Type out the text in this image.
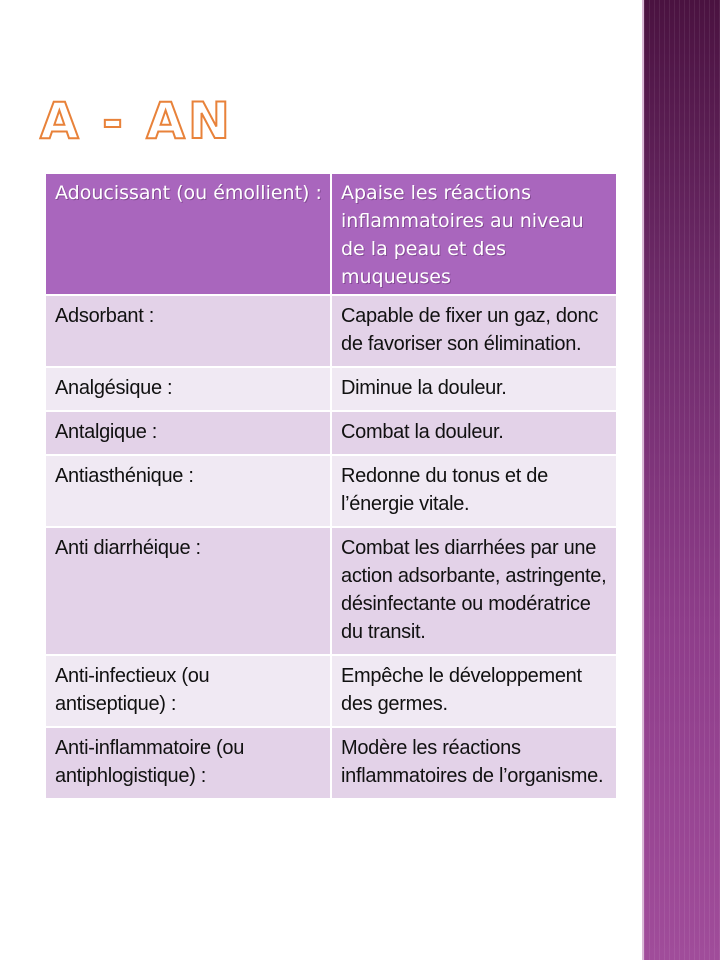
A - AN
Adoucissant (ou émollient) :	Apaise les réactions inflammatoires au niveau de la peau et des muqueuses
Adsorbant :	Capable de fixer un gaz, donc de favoriser son élimination.
Analgésique :	Diminue la douleur.
Antalgique :	Combat la douleur.
Antiasthénique :	Redonne du tonus et de l’énergie vitale.
Anti diarrhéique :	Combat les diarrhées par une action adsorbante, astringente, désinfectante ou modératrice du transit.
Anti-infectieux (ou antiseptique) :	Empêche le développement des germes.
Anti-inflammatoire (ou antiphlogistique) :	Modère les réactions inflammatoires de l’organisme.
